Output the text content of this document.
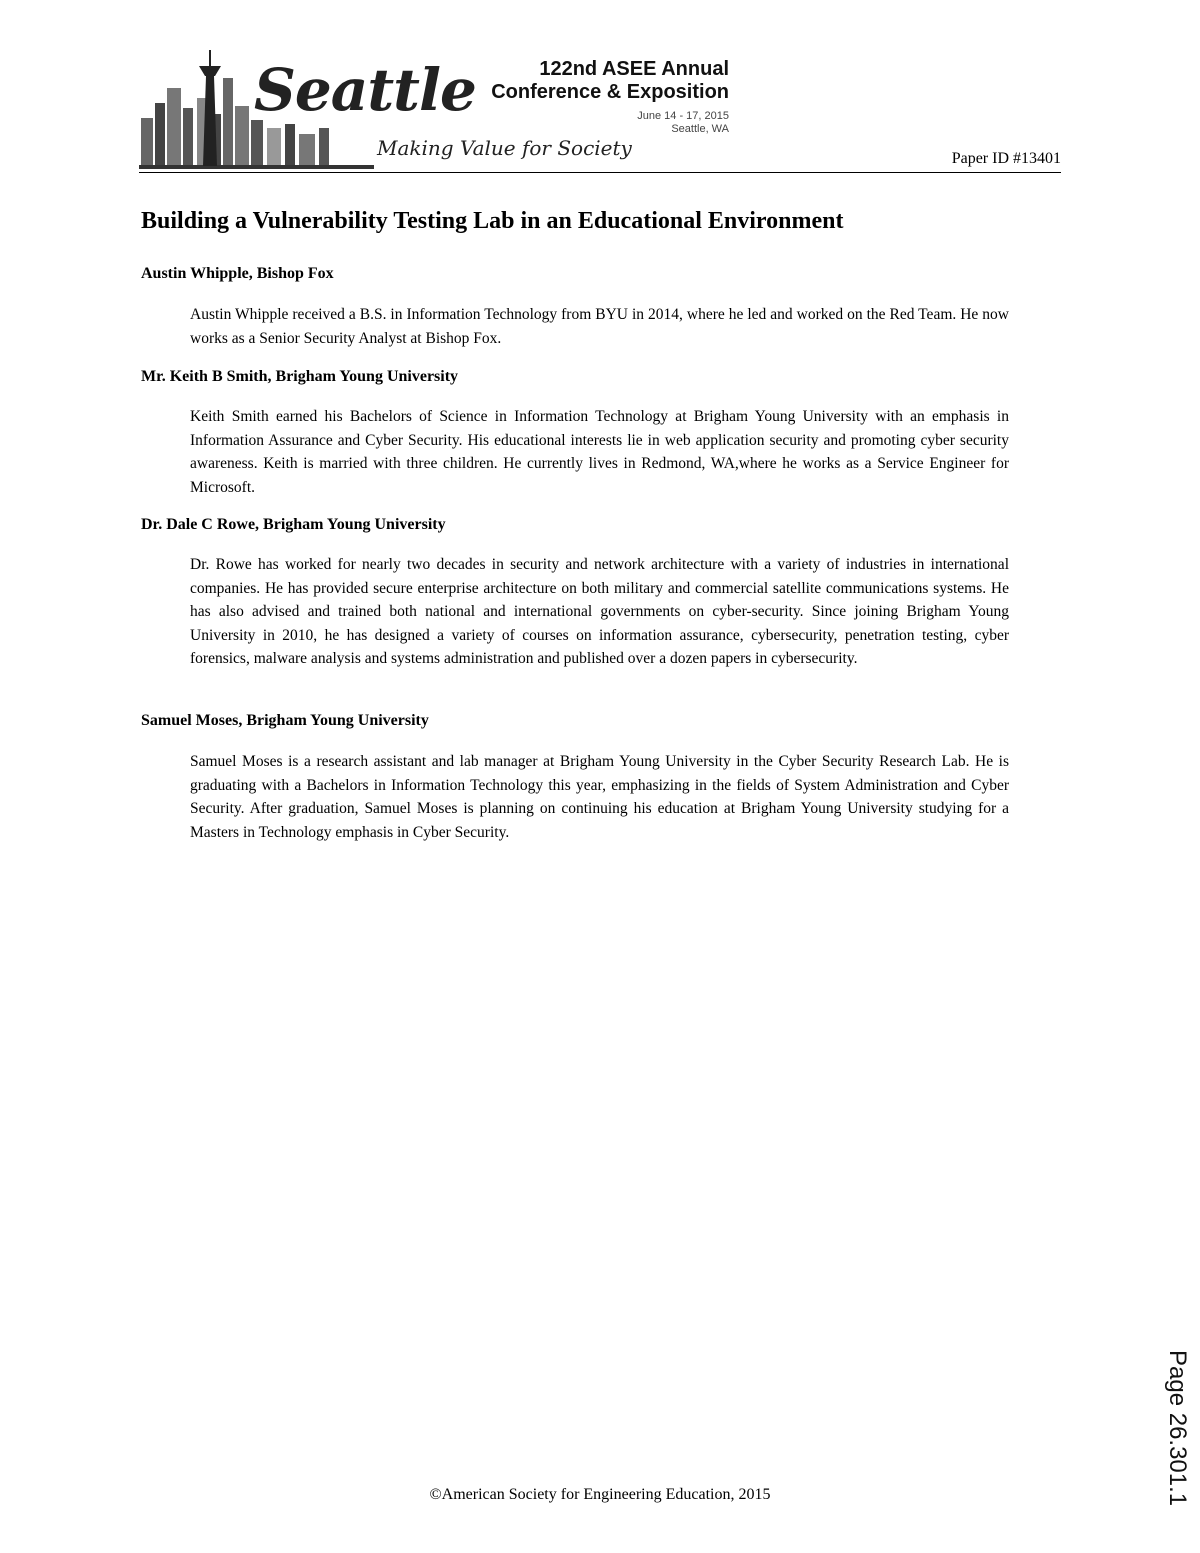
Seattle
Making Value for Society
122nd ASEE Annual
Conference & Exposition
June 14 - 17, 2015
Seattle, WA
Paper ID #13401
Building a Vulnerability Testing Lab in an Educational Environment

Austin Whipple, Bishop Fox

Austin Whipple received a B.S. in Information Technology from BYU in 2014, where he led and worked on the Red Team. He now works as a Senior Security Analyst at Bishop Fox.

Mr. Keith B Smith, Brigham Young University

Keith Smith earned his Bachelors of Science in Information Technology at Brigham Young University with an emphasis in Information Assurance and Cyber Security. His educational interests lie in web application security and promoting cyber security awareness. Keith is married with three children. He currently lives in Redmond, WA,where he works as a Service Engineer for Microsoft.

Dr. Dale C Rowe, Brigham Young University

Dr. Rowe has worked for nearly two decades in security and network architecture with a variety of industries in international companies. He has provided secure enterprise architecture on both military and commercial satellite communications systems. He has also advised and trained both national and international governments on cyber-security. Since joining Brigham Young University in 2010, he has designed a variety of courses on information assurance, cybersecurity, penetration testing, cyber forensics, malware analysis and systems administration and published over a dozen papers in cybersecurity.

Samuel Moses, Brigham Young University

Samuel Moses is a research assistant and lab manager at Brigham Young University in the Cyber Security Research Lab. He is graduating with a Bachelors in Information Technology this year, emphasizing in the fields of System Administration and Cyber Security. After graduation, Samuel Moses is planning on continuing his education at Brigham Young University studying for a Masters in Technology emphasis in Cyber Security.

©American Society for Engineering Education, 2015	Page 26.301.1
